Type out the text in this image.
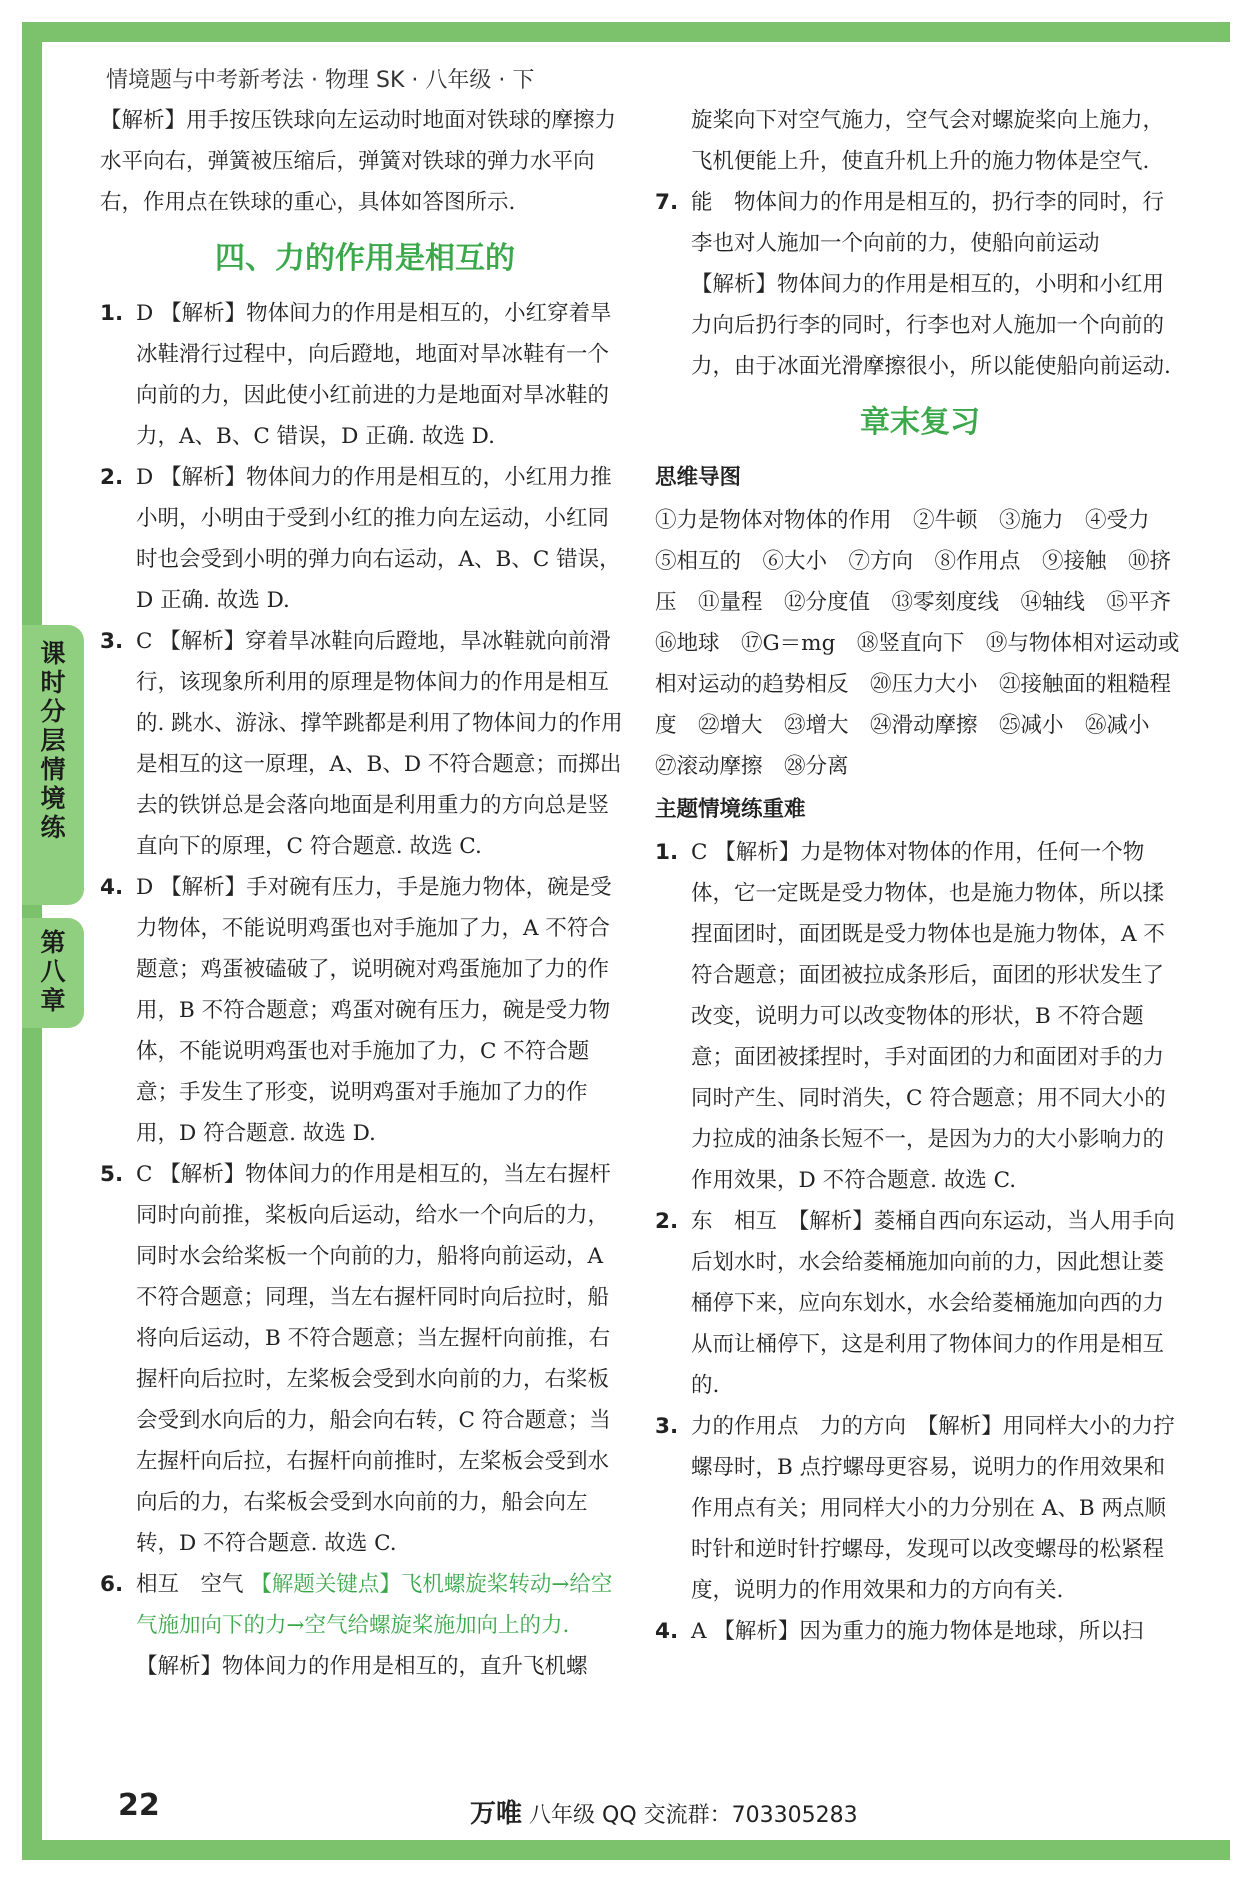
课
时
分
层
情
境
练
第
八
章
情境题与中考新考法 · 物理 SK · 八年级 · 下

【解析】用手按压铁球向左运动时地面对铁球的摩擦力水平向右，弹簧被压缩后，弹簧对铁球的弹力水平向右，作用点在铁球的重心，具体如答图所示.

四、力的作用是相互的
1. D 【解析】物体间力的作用是相互的，小红穿着旱冰鞋滑行过程中，向后蹬地，地面对旱冰鞋有一个向前的力，因此使小红前进的力是地面对旱冰鞋的力，A、B、C 错误，D 正确. 故选 D.
2. D 【解析】物体间力的作用是相互的，小红用力推小明，小明由于受到小红的推力向左运动，小红同时也会受到小明的弹力向右运动，A、B、C 错误，D 正确. 故选 D.
3. C 【解析】穿着旱冰鞋向后蹬地，旱冰鞋就向前滑行，该现象所利用的原理是物体间力的作用是相互的. 跳水、游泳、撑竿跳都是利用了物体间力的作用是相互的这一原理，A、B、D 不符合题意；而掷出去的铁饼总是会落向地面是利用重力的方向总是竖直向下的原理，C 符合题意. 故选 C.
4. D 【解析】手对碗有压力，手是施力物体，碗是受力物体，不能说明鸡蛋也对手施加了力，A 不符合题意；鸡蛋被磕破了，说明碗对鸡蛋施加了力的作用，B 不符合题意；鸡蛋对碗有压力，碗是受力物体，不能说明鸡蛋也对手施加了力，C 不符合题意；手发生了形变，说明鸡蛋对手施加了力的作用，D 符合题意. 故选 D.
5. C 【解析】物体间力的作用是相互的，当左右握杆同时向前推，桨板向后运动，给水一个向后的力，同时水会给桨板一个向前的力，船将向前运动，A 不符合题意；同理，当左右握杆同时向后拉时，船将向后运动，B 不符合题意；当左握杆向前推，右握杆向后拉时，左桨板会受到水向前的力，右桨板会受到水向后的力，船会向右转，C 符合题意；当左握杆向后拉，右握杆向前推时，左桨板会受到水向后的力，右桨板会受到水向前的力，船会向左转，D 不符合题意. 故选 C.
6. 相互　空气 【解题关键点】飞机螺旋桨转动→给空气施加向下的力→空气给螺旋桨施加向上的力.
【解析】物体间力的作用是相互的，直升飞机螺
旋桨向下对空气施力，空气会对螺旋桨向上施力，飞机便能上升，使直升机上升的施力物体是空气.
7. 能　物体间力的作用是相互的，扔行李的同时，行李也对人施加一个向前的力，使船向前运动
【解析】物体间力的作用是相互的，小明和小红用力向后扔行李的同时，行李也对人施加一个向前的力，由于冰面光滑摩擦很小，所以能使船向前运动.
章末复习
思维导图

①力是物体对物体的作用　②牛顿　③施力　④受力　⑤相互的　⑥大小　⑦方向　⑧作用点　⑨接触　⑩挤压　⑪量程　⑫分度值　⑬零刻度线　⑭轴线　⑮平齐　⑯地球　⑰G＝mg　⑱竖直向下　⑲与物体相对运动或相对运动的趋势相反　⑳压力大小　㉑接触面的粗糙程度　㉒增大　㉓增大　㉔滑动摩擦　㉕减小　㉖减小　㉗滚动摩擦　㉘分离

主题情境练重难
1. C 【解析】力是物体对物体的作用，任何一个物体，它一定既是受力物体，也是施力物体，所以揉捏面团时，面团既是受力物体也是施力物体，A 不符合题意；面团被拉成条形后，面团的形状发生了改变，说明力可以改变物体的形状，B 不符合题意；面团被揉捏时，手对面团的力和面团对手的力同时产生、同时消失，C 符合题意；用不同大小的力拉成的油条长短不一，是因为力的大小影响力的作用效果，D 不符合题意. 故选 C.
2. 东　相互　【解析】菱桶自西向东运动，当人用手向后划水时，水会给菱桶施加向前的力，因此想让菱桶停下来，应向东划水，水会给菱桶施加向西的力从而让桶停下，这是利用了物体间力的作用是相互的.
3. 力的作用点　力的方向　【解析】用同样大小的力拧螺母时，B 点拧螺母更容易，说明力的作用效果和作用点有关；用同样大小的力分别在 A、B 两点顺时针和逆时针拧螺母，发现可以改变螺母的松紧程度，说明力的作用效果和力的方向有关.
4. A 【解析】因为重力的施力物体是地球，所以扫
22	万唯 八年级 QQ 交流群：703305283
